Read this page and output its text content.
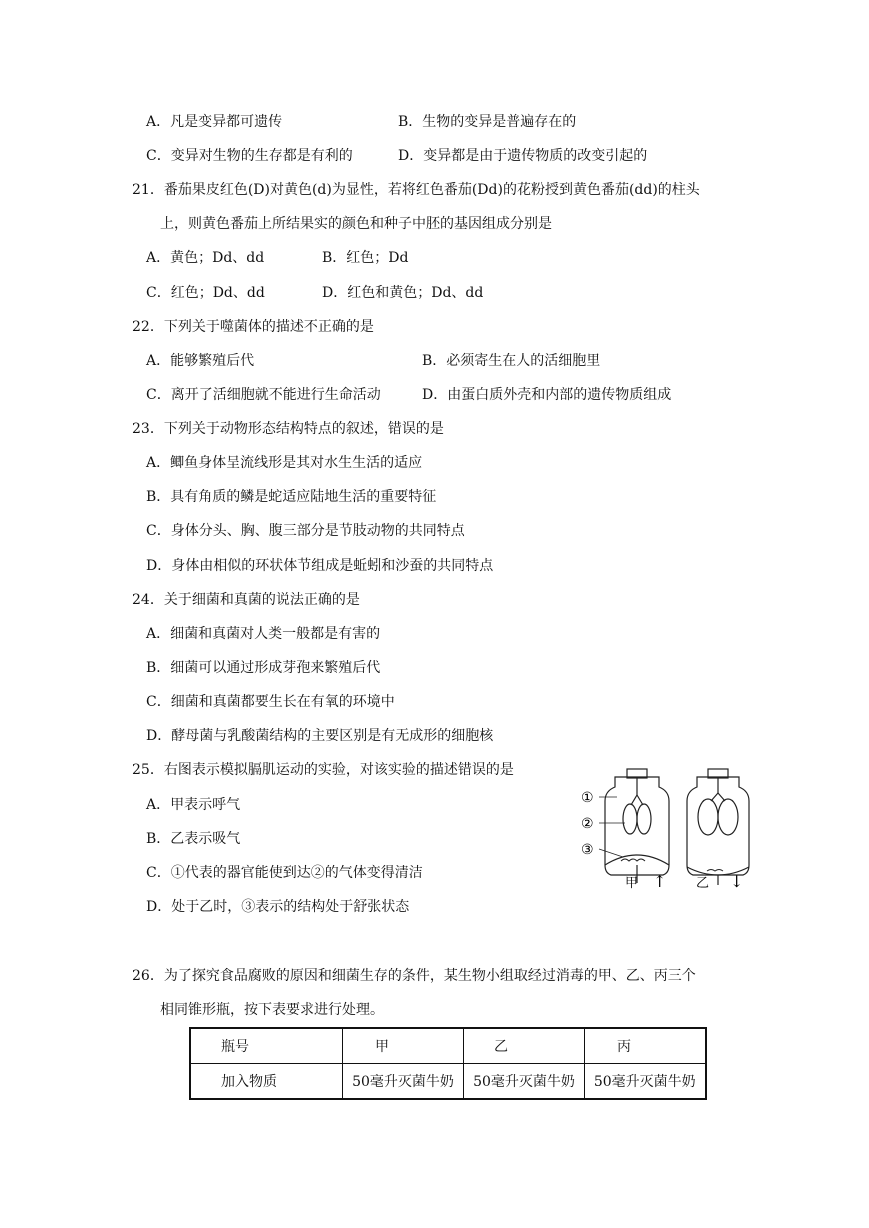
A．凡是变异都可遗传	B．生物的变异是普遍存在的
C．变异对生物的生存都是有利的	D．变异都是由于遗传物质的改变引起的
21．番茄果皮红色(D)对黄色(d)为显性，若将红色番茄(Dd)的花粉授到黄色番茄(dd)的柱头
上，则黄色番茄上所结果实的颜色和种子中胚的基因组成分别是
A．黄色；Dd、dd	B．红色；Dd
C．红色；Dd、dd	D．红色和黄色；Dd、dd
22．下列关于噬菌体的描述不正确的是
A．能够繁殖后代	B．必须寄生在人的活细胞里
C．离开了活细胞就不能进行生命活动	D．由蛋白质外壳和内部的遗传物质组成
23．下列关于动物形态结构特点的叙述，错误的是
A．鲫鱼身体呈流线形是其对水生生活的适应
B．具有角质的鳞是蛇适应陆地生活的重要特征
C．身体分头、胸、腹三部分是节肢动物的共同特点
D．身体由相似的环状体节组成是蚯蚓和沙蚕的共同特点
24．关于细菌和真菌的说法正确的是
A．细菌和真菌对人类一般都是有害的
B．细菌可以通过形成芽孢来繁殖后代
C．细菌和真菌都要生长在有氧的环境中
D．酵母菌与乳酸菌结构的主要区别是有无成形的细胞核
25．右图表示模拟膈肌运动的实验，对该实验的描述错误的是
A．甲表示呼气
B．乙表示吸气
C．①代表的器官能使到达②的气体变得清洁
D．处于乙时，③表示的结构处于舒张状态
①
②
③
甲 ↑ 乙 ↓
26．为了探究食品腐败的原因和细菌生存的条件，某生物小组取经过消毒的甲、乙、丙三个
相同锥形瓶，按下表要求进行处理。
瓶号	甲	乙	丙
加入物质	50毫升灭菌牛奶	50毫升灭菌牛奶	50毫升灭菌牛奶
